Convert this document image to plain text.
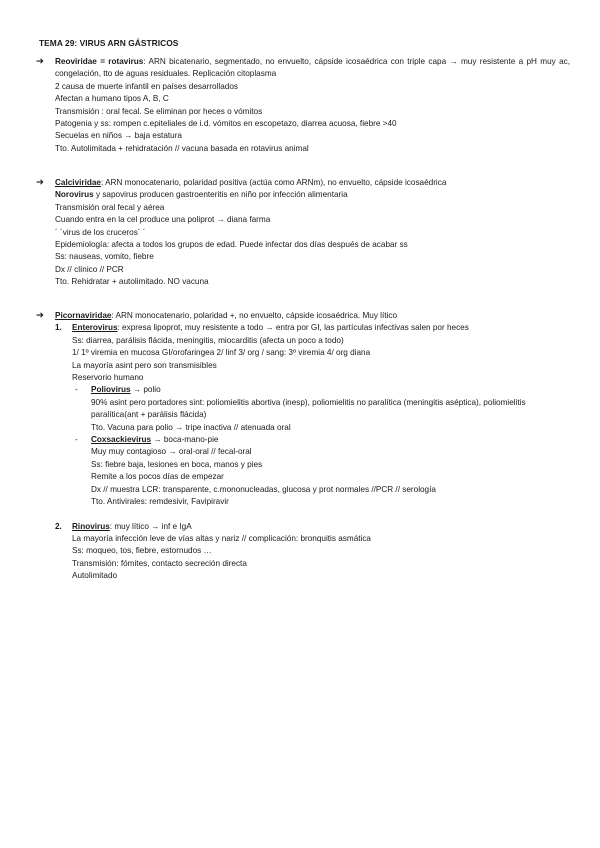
TEMA 29: VIRUS ARN GÁSTRICOS
➔ Reoviridae = rotavirus: ARN bicatenario, segmentado, no envuelto, cápside icosaédrica con triple capa → muy resistente a pH muy ac, congelación, tto de aguas residuales. Replicación citoplasma
2 causa de muerte infantil en países desarrollados
Afectan a humano tipos A, B, C
Transmisión : oral fecal. Se eliminan por heces o vómitos
Patogenia y ss: rompen c.epiteliales de i.d. vómitos en escopetazo, diarrea acuosa, fiebre >40
Secuelas en niños → baja estatura
Tto. Autolimitada + rehidratación // vacuna basada en rotavirus animal
➔ Calciviridae: ARN monocatenario, polaridad positiva (actúa como ARNm), no envuelto, cápside icosaédrica
Norovirus y sapovirus producen gastroenteritis en niño por infección alimentaria
Transmisión oral fecal y aérea
Cuando entra en la cel produce una poliprot → diana farma
´ ´virus de los cruceros´ ´
Epidemiología: afecta a todos los grupos de edad. Puede infectar dos días después de acabar ss
Ss: nauseas, vomito, fiebre
Dx // clínico // PCR
Tto. Rehidratar + autolimitado. NO vacuna
➔ Picornaviridae: ARN monocatenario, polaridad +, no envuelto, cápside icosaédrica. Muy lítico
1. Enterovirus: expresa lipoprot, muy resistente a todo → entra por GI, las partículas infectivas salen por heces
Ss: diarrea, parálisis flácida, meningitis, miocarditis (afecta un poco a todo)
1/ 1º viremia en mucosa GI/orofaringea 2/ linf 3/ org / sang: 3º viremia 4/ org diana
La mayoría asint pero son transmisibles
Reservorio humano
- Poliovirus → polio
90% asint pero portadores sint: poliomielitis abortiva (inesp), poliomielitis no paralítica (meningitis aséptica), poliomielitis paralítica(ant + parálisis flácida)
Tto. Vacuna para polio → tripe inactiva // atenuada oral
- Coxsackievirus → boca-mano-pie
Muy muy contagioso → oral-oral // fecal-oral
Ss: fiebre baja, lesiones en boca, manos y pies
Remite a los pocos días de empezar
Dx // muestra LCR: transparente, c.mononucleadas, glucosa y prot normales //PCR // serología
Tto. Antivirales: remdesivir, Favipiravir
2. Rinovirus: muy lítico → inf e IgA
La mayoría infección leve de vías altas y nariz // complicación: bronquitis asmática
Ss: moqueo, tos, fiebre, estornudos …
Transmisión: fómites, contacto secreción directa
Autolimitado
